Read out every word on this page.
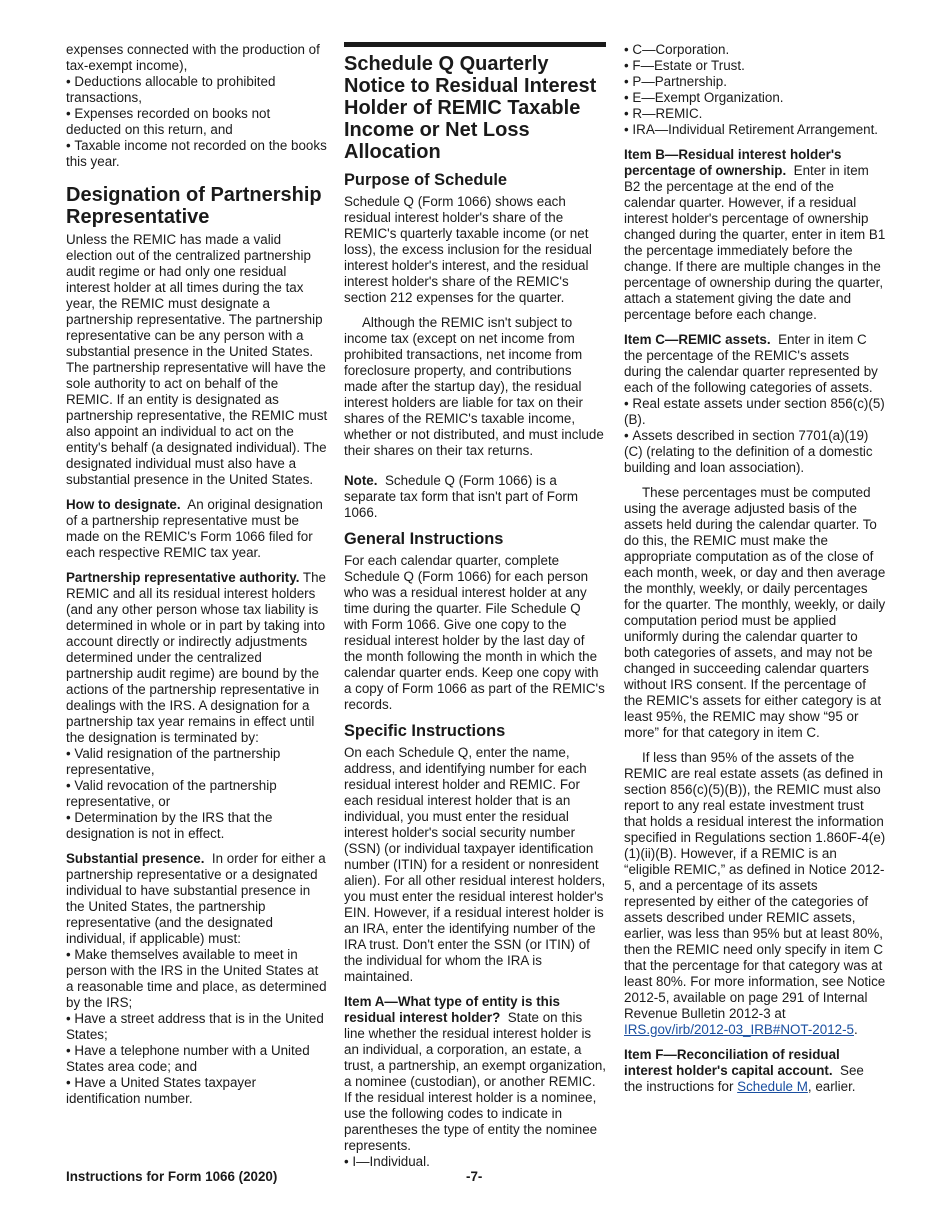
expenses connected with the production of tax-exempt income),

• Deductions allocable to prohibited transactions,
• Expenses recorded on books not deducted on this return, and
• Taxable income not recorded on the books this year.
Designation of Partnership Representative

Unless the REMIC has made a valid election out of the centralized partnership audit regime or had only one residual interest holder at all times during the tax year, the REMIC must designate a partnership representative. The partnership representative can be any person with a substantial presence in the United States. The partnership representative will have the sole authority to act on behalf of the REMIC. If an entity is designated as partnership representative, the REMIC must also appoint an individual to act on the entity's behalf (a designated individual). The designated individual must also have a substantial presence in the United States.

How to designate. An original designation of a partnership representative must be made on the REMIC's Form 1066 filed for each respective REMIC tax year.

Partnership representative authority. The REMIC and all its residual interest holders (and any other person whose tax liability is determined in whole or in part by taking into account directly or indirectly adjustments determined under the centralized partnership audit regime) are bound by the actions of the partnership representative in dealings with the IRS. A designation for a partnership tax year remains in effect until the designation is terminated by:

• Valid resignation of the partnership representative,
• Valid revocation of the partnership representative, or
• Determination by the IRS that the designation is not in effect.

Substantial presence. In order for either a partnership representative or a designated individual to have substantial presence in the United States, the partnership representative (and the designated individual, if applicable) must:

• Make themselves available to meet in person with the IRS in the United States at a reasonable time and place, as determined by the IRS;
• Have a street address that is in the United States;
• Have a telephone number with a United States area code; and
• Have a United States taxpayer identification number.
Schedule Q Quarterly Notice to Residual Interest Holder of REMIC Taxable Income or Net Loss Allocation
Purpose of Schedule

Schedule Q (Form 1066) shows each residual interest holder's share of the REMIC's quarterly taxable income (or net loss), the excess inclusion for the residual interest holder's interest, and the residual interest holder's share of the REMIC's section 212 expenses for the quarter.

Although the REMIC isn't subject to income tax (except on net income from prohibited transactions, net income from foreclosure property, and contributions made after the startup day), the residual interest holders are liable for tax on their shares of the REMIC's taxable income, whether or not distributed, and must include their shares on their tax returns.

Note. Schedule Q (Form 1066) is a separate tax form that isn't part of Form 1066.

General Instructions

For each calendar quarter, complete Schedule Q (Form 1066) for each person who was a residual interest holder at any time during the quarter. File Schedule Q with Form 1066. Give one copy to the residual interest holder by the last day of the month following the month in which the calendar quarter ends. Keep one copy with a copy of Form 1066 as part of the REMIC's records.

Specific Instructions

On each Schedule Q, enter the name, address, and identifying number for each residual interest holder and REMIC. For each residual interest holder that is an individual, you must enter the residual interest holder's social security number (SSN) (or individual taxpayer identification number (ITIN) for a resident or nonresident alien). For all other residual interest holders, you must enter the residual interest holder's EIN. However, if a residual interest holder is an IRA, enter the identifying number of the IRA trust. Don't enter the SSN (or ITIN) of the individual for whom the IRA is maintained.

Item A—What type of entity is this residual interest holder? State on this line whether the residual interest holder is an individual, a corporation, an estate, a trust, a partnership, an exempt organization, a nominee (custodian), or another REMIC. If the residual interest holder is a nominee, use the following codes to indicate in parentheses the type of entity the nominee represents.

• I—Individual.
• C—Corporation.
• F—Estate or Trust.
• P—Partnership.
• E—Exempt Organization.
• R—REMIC.
• IRA—Individual Retirement Arrangement.

Item B—Residual interest holder's percentage of ownership. Enter in item B2 the percentage at the end of the calendar quarter. However, if a residual interest holder's percentage of ownership changed during the quarter, enter in item B1 the percentage immediately before the change. If there are multiple changes in the percentage of ownership during the quarter, attach a statement giving the date and percentage before each change.

Item C—REMIC assets. Enter in item C the percentage of the REMIC's assets during the calendar quarter represented by each of the following categories of assets.

• Real estate assets under section 856(c)(5)(B).
• Assets described in section 7701(a)(19)(C) (relating to the definition of a domestic building and loan association).

These percentages must be computed using the average adjusted basis of the assets held during the calendar quarter. To do this, the REMIC must make the appropriate computation as of the close of each month, week, or day and then average the monthly, weekly, or daily percentages for the quarter. The monthly, weekly, or daily computation period must be applied uniformly during the calendar quarter to both categories of assets, and may not be changed in succeeding calendar quarters without IRS consent. If the percentage of the REMIC's assets for either category is at least 95%, the REMIC may show “95 or more” for that category in item C.

If less than 95% of the assets of the REMIC are real estate assets (as defined in section 856(c)(5)(B)), the REMIC must also report to any real estate investment trust that holds a residual interest the information specified in Regulations section 1.860F-4(e)(1)(ii)(B). However, if a REMIC is an “eligible REMIC,” as defined in Notice 2012-5, and a percentage of its assets represented by either of the categories of assets described under REMIC assets, earlier, was less than 95% but at least 80%, then the REMIC need only specify in item C that the percentage for that category was at least 80%. For more information, see Notice 2012-5, available on page 291 of Internal Revenue Bulletin 2012-3 at IRS.gov/irb/2012-03_IRB#NOT-2012-5.

Item F—Reconciliation of residual interest holder's capital account. See the instructions for Schedule M, earlier.

Instructions for Form 1066 (2020)	-7-
